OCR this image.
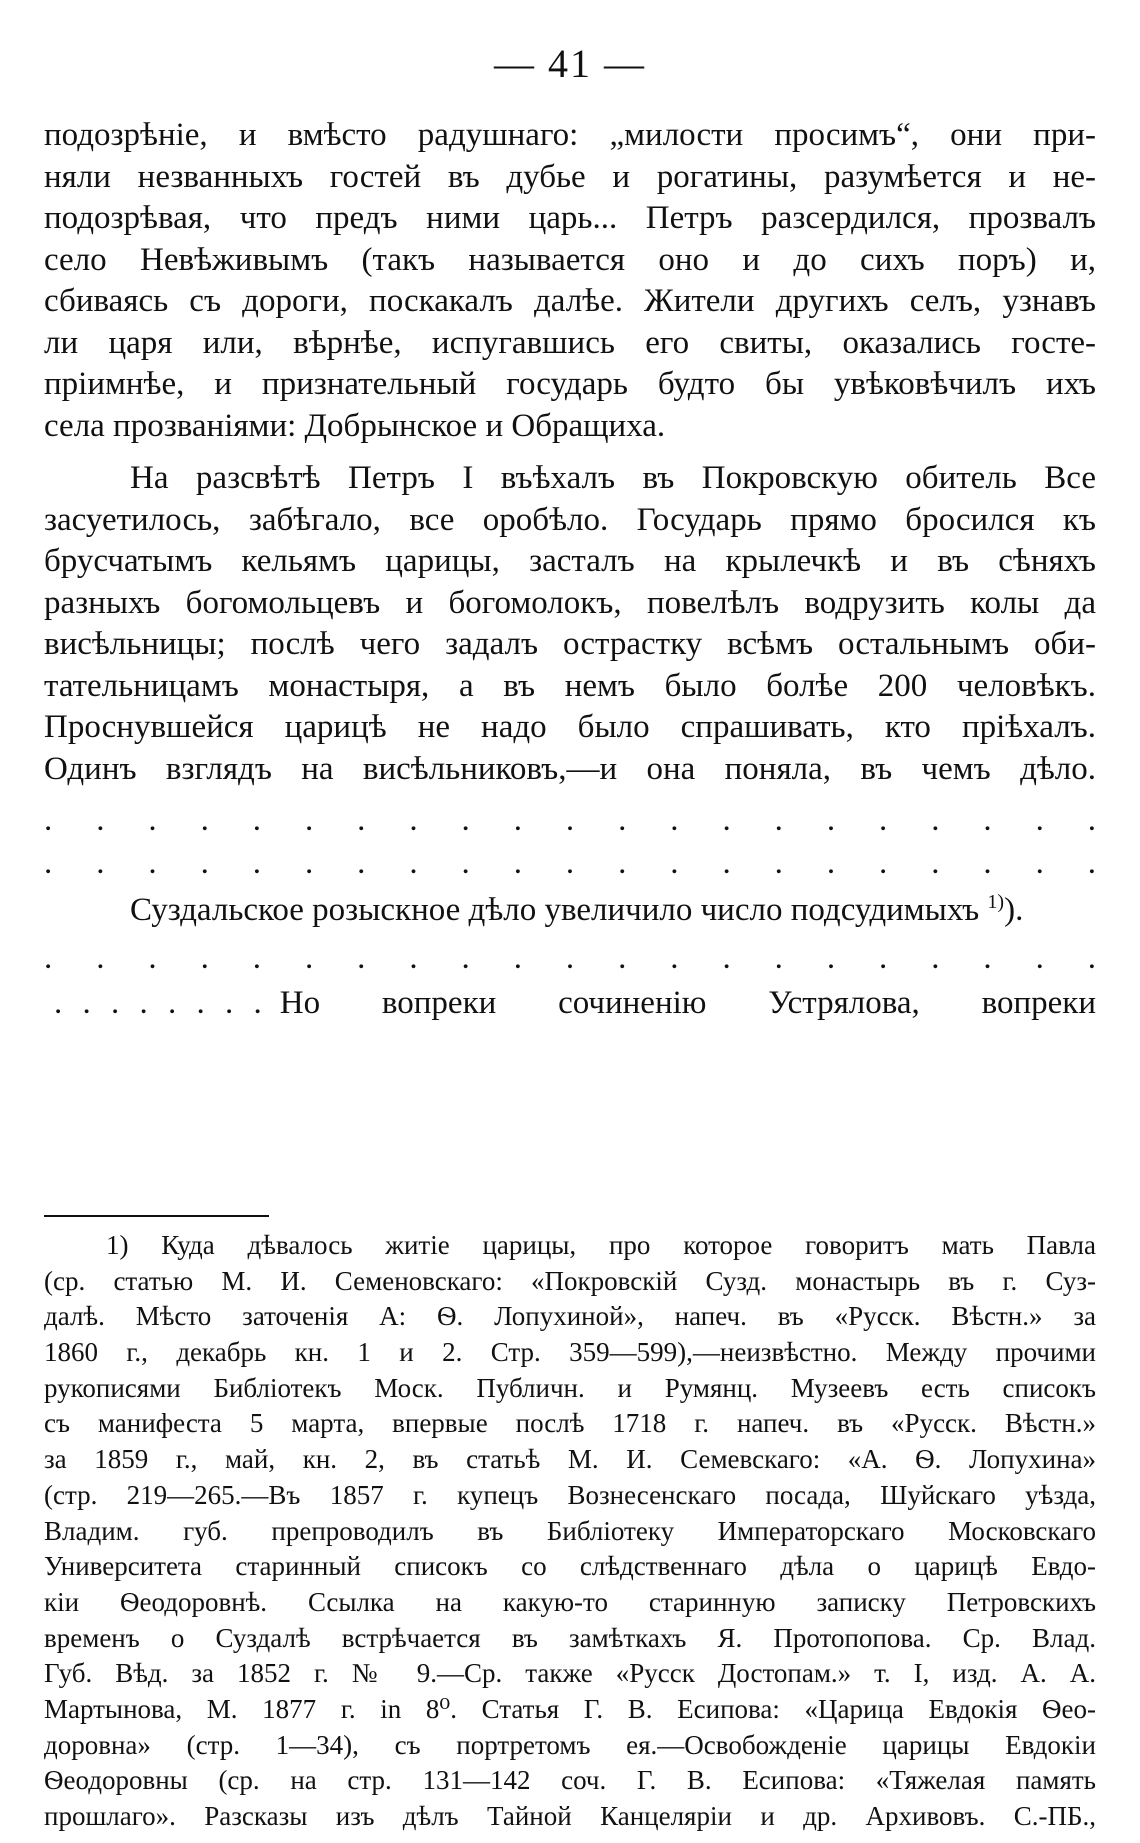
— 41 —
подозрѣніе, и вмѣсто радушнаго: „милости просимъ“, они при-
няли незванныхъ гостей въ дубье и рогатины, разумѣется и не-
подозрѣвая, что предъ ними царь... Петръ разсердился, прозвалъ
село Невѣживымъ (такъ называется оно и до сихъ поръ) и,
сбиваясь съ дороги, поскакалъ далѣе. Жители другихъ селъ, узнавъ
ли царя или, вѣрнѣе, испугавшись его свиты, оказались госте-
пріимнѣе, и признательный государь будто бы увѣковѣчилъ ихъ
села прозваніями: Добрынское и Обращиха.
На разсвѣтѣ Петръ I въѣхалъ въ Покровскую обитель Все
засуетилось, забѣгало, все оробѣло. Государь прямо бросился къ
брусчатымъ кельямъ царицы, засталъ на крылечкѣ и въ сѣняхъ
разныхъ богомольцевъ и богомолокъ, повелѣлъ водрузить колы да
висѣльницы; послѣ чего задалъ острастку всѣмъ остальнымъ оби-
тательницамъ монастыря, а въ немъ было болѣе 200 человѣкъ.
Проснувшейся царицѣ не надо было спрашивать, кто пріѣхалъ.
Одинъ взглядъ на висѣльниковъ,—и она поняла, въ чемъ дѣло.
. . . . . . . . . . . . . . . . . . . . .
. . . . . . . . . . . . . . . . . . . . .
Суздальское розыскное дѣло увеличило число подсудимыхъ $^{1)}$).
. . . . . . . . . . . . . . . . . . . . .
. . . . . . . . Но вопреки сочиненію Устрялова, вопреки
1) Куда дѣвалось житіе царицы, про которое говоритъ мать Павла
(ср. статью М. И. Семеновскаго: «Покровскій Сузд. монастырь въ г. Суз-
далѣ. Мѣсто заточенія А: Ѳ. Лопухиной», напеч. въ «Русск. Вѣстн.» за
1860 г., декабрь кн. 1 и 2. Стр. 359—599),—неизвѣстно. Между прочими
рукописями Библіотекъ Моск. Публичн. и Румянц. Музеевъ есть списокъ
съ манифеста 5 марта, впервые послѣ 1718 г. напеч. въ «Русск. Вѣстн.»
за 1859 г., май, кн. 2, въ статьѣ М. И. Семевскаго: «А. Ѳ. Лопухина»
(стр. 219—265.—Въ 1857 г. купецъ Вознесенскаго посада, Шуйскаго уѣзда,
Владим. губ. препроводилъ въ Библіотеку Императорскаго Московскаго
Университета старинный списокъ со слѣдственнаго дѣла о царицѣ Евдо-
кіи Ѳеодоровнѣ. Ссылка на какую-то старинную записку Петровскихъ
временъ о Суздалѣ встрѣчается въ замѣткахъ Я. Протопопова. Ср. Влад.
Губ. Вѣд. за 1852 г. № 9.—Ср. также «Русск Достопам.» т. I, изд. А. А.
Мартынова, М. 1877 г. in 8⁰. Статья Г. В. Есипова: «Царица Евдокія Ѳео-
доровна» (стр. 1—34), съ портретомъ ея.—Освобожденіе царицы Евдокіи
Ѳеодоровны (ср. на стр. 131—142 соч. Г. В. Есипова: «Тяжелая память
прошлаго». Разсказы изъ дѣлъ Тайной Канцеляріи и др. Архивовъ. С.-ПБ.,
